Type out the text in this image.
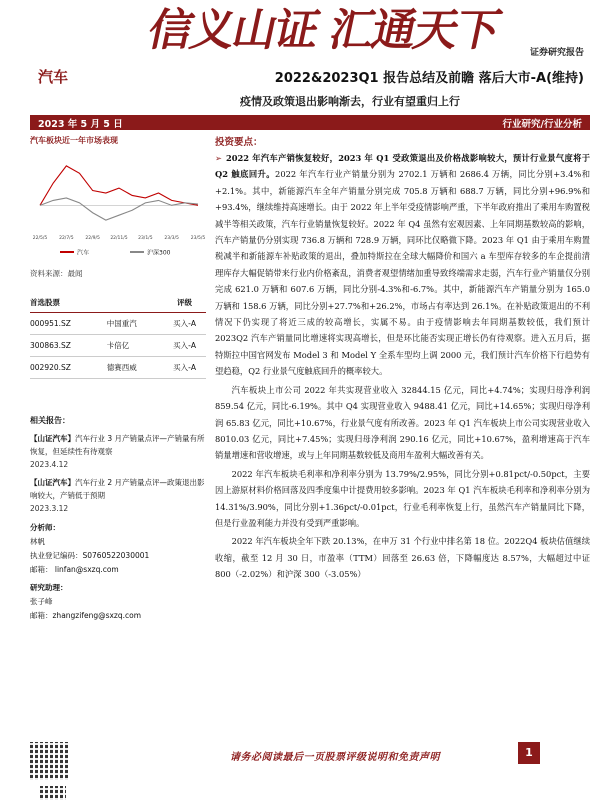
信义山证 汇通天下	证券研究报告
汽车	2022&2023Q1 报告总结及前瞻 落后大市-A(维持)
疫情及政策退出影响渐去，行业有望重归上行
2023 年 5 月 5 日	行业研究/行业分析
汽车板块近一年市场表现
22/5/5	22/7/5	22/9/5 22/11/5 23/1/5	23/3/5	23/5/5
汽车	沪深300
资料来源：最闻
首选股票		评级
000951.SZ	中国重汽	买入-A
300863.SZ	卡倍亿	买入-A
002920.SZ	德赛西威	买入-A
相关报告：
【山证汽车】汽车行业 3 月产销量点评—产销量有所恢复，但延续性有待观察
2023.4.12
【山证汽车】汽车行业 2 月产销量点评—政策退出影响较大，产销低于预期
2023.3.12
分析师：
林帆
执业登记编码：S0760522030001
邮箱： linfan@sxzq.com
研究助理：
张子峰
邮箱：zhangzifeng@sxzq.com
投资要点：

➢ 2022 年汽车产销恢复较好，2023 年 Q1 受政策退出及价格战影响较大，预计行业景气度将于 Q2 触底回升。2022 年汽车行业产销量分别为 2702.1 万辆和 2686.4 万辆，同比分别+3.4%和+2.1%。其中，新能源汽车全年产销量分别完成 705.8 万辆和 688.7 万辆，同比分别+96.9%和+93.4%，继续维持高速增长。由于 2022 年上半年受疫情影响严重，下半年政府推出了乘用车购置税减半等相关政策，汽车行业销量恢复较好。2022 年 Q4 虽然有宏观因素、上年同期基数较高的影响，汽车产销量仍分别实现 736.8 万辆和 728.9 万辆，同环比仅略微下降。2023 年 Q1 由于乘用车购置税减半和新能源车补贴政策的退出，叠加特斯拉在全球大幅降价和国六 a 车型库存较多的车企提前清理库存大幅促销带来行业内价格紊乱，消费者观望情绪加重导致终端需求走弱，汽车行业产销量仅分别完成 621.0 万辆和 607.6 万辆，同比分别-4.3%和-6.7%。其中，新能源汽车产销量分别为 165.0 万辆和 158.6 万辆，同比分别+27.7%和+26.2%，市场占有率达到 26.1%。在补贴政策退出的不利情况下仍实现了将近三成的较高增长，实属不易。由于疫情影响去年同期基数较低，我们预计 2023Q2 汽车产销量同比增速将实现高增长，但是环比能否实现正增长仍有待观察。进入五月后，据特斯拉中国官网发布 Model 3 和 Model Y 全系车型均上调 2000 元，我们预计汽车价格下行趋势有望趋稳，Q2 行业景气度触底回升的概率较大。

汽车板块上市公司 2022 年共实现营业收入 32844.15 亿元，同比+4.74%；实现归母净利润 859.54 亿元，同比-6.19%。其中 Q4 实现营业收入 9488.41 亿元，同比+14.65%；实现归母净利润 65.83 亿元，同比+10.67%，行业景气度有所改善。2023 年 Q1 汽车板块上市公司实现营业收入 8010.03 亿元，同比+7.45%；实现归母净利润 290.16 亿元，同比+10.67%，盈利增速高于汽车销量增速和营收增速，或与上年同期基数较低及商用车盈利大幅改善有关。

2022 年汽车板块毛利率和净利率分别为 13.79%/2.95%，同比分别+0.81pct/-0.50pct，主要因上游原材料价格回落及四季度集中计提费用较多影响。2023 年 Q1 汽车板块毛利率和净利率分别为 14.31%/3.90%，同比分别+1.36pct/-0.01pct，行业毛利率恢复上行，虽然汽车产销量同比下降，但是行业盈利能力并没有受到严重影响。

2022 年汽车板块全年下跌 20.13%，在申万 31 个行业中排名第 18 位。2022Q4 板块估值继续收缩，截至 12 月 30 日，市盈率（TTM）回落至 26.63 倍，下降幅度达 8.57%，大幅超过中证 800（-2.02%）和沪深 300（-3.05%）

请务必阅读最后一页股票评级说明和免责声明	1
